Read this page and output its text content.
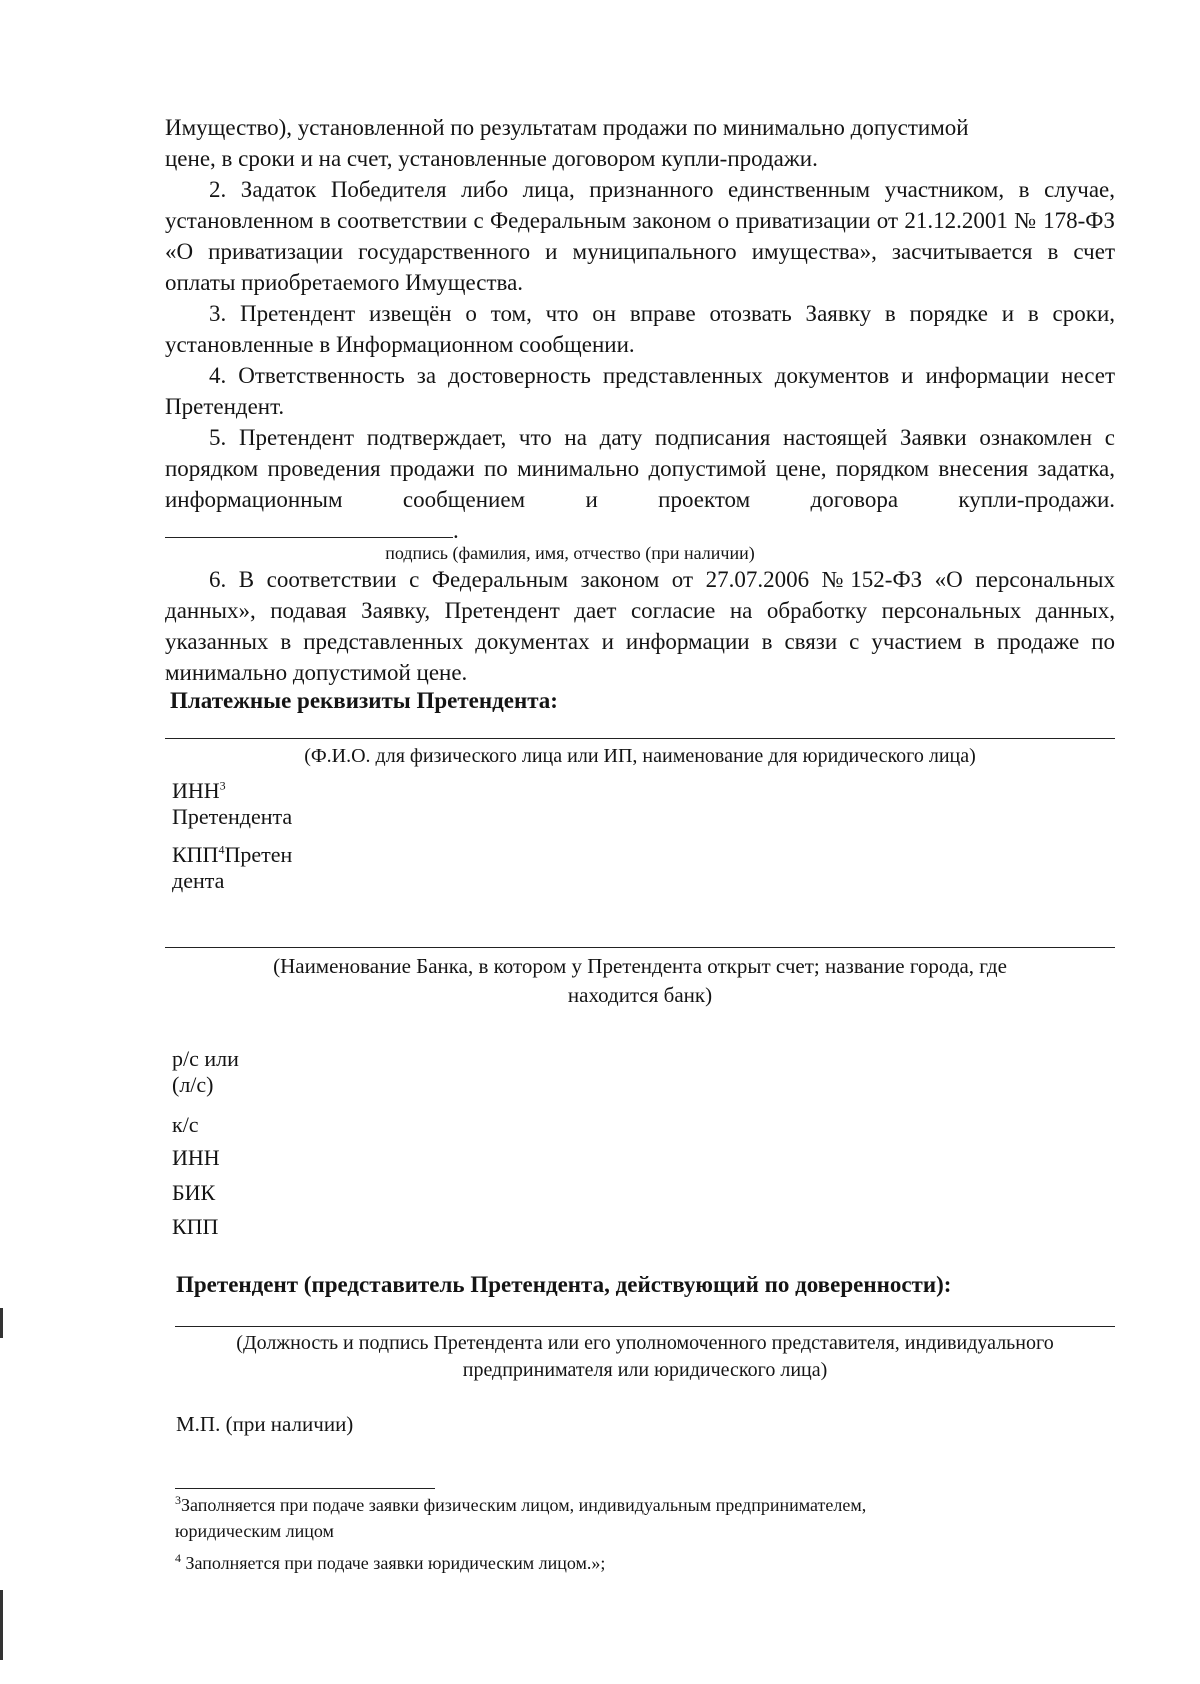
Имущество), установленной по результатам продажи по минимально допустимой
цене, в сроки и на счет, установленные договором купли-продажи.

2. Задаток Победителя либо лица, признанного единственным участником, в случае, установленном в соответствии с Федеральным законом о приватизации от 21.12.2001 № 178-ФЗ «О приватизации государственного и муниципального имущества», засчитывается в счет оплаты приобретаемого Имущества.

3. Претендент извещён о том, что он вправе отозвать Заявку в порядке и в сроки, установленные в Информационном сообщении.

4. Ответственность за достоверность представленных документов и информации несет Претендент.

5. Претендент подтверждает, что на дату подписания настоящей Заявки ознакомлен с порядком проведения продажи по минимально допустимой цене, порядком внесения задатка, информационным сообщением и проектом договора купли-продажи. .

подпись (фамилия, имя, отчество (при наличии)

6. В соответствии с Федеральным законом от 27.07.2006 №152-ФЗ «О персональных данных», подавая Заявку, Претендент дает согласие на обработку персональных данных, указанных в представленных документах и информации в связи с участием в продаже по минимально допустимой цене.

Платежные реквизиты Претендента:

(Ф.И.О. для физического лица или ИП, наименование для юридического лица)

ИНН$^3$
Претендента

КПП$^4$Претен
дента

(Наименование Банка, в котором у Претендента открыт счет; название города, где
находится банк)

р/с или
(л/с)

к/с

ИНН

БИК

КПП

Претендент (представитель Претендента, действующий по доверенности):

(Должность и подпись Претендента или его уполномоченного представителя, индивидуального
предпринимателя или юридического лица)

М.П. (при наличии)

$^3$Заполняется при подаче заявки физическим лицом, индивидуальным предпринимателем,
юридическим лицом

$^4$ Заполняется при подаче заявки юридическим лицом.»;
